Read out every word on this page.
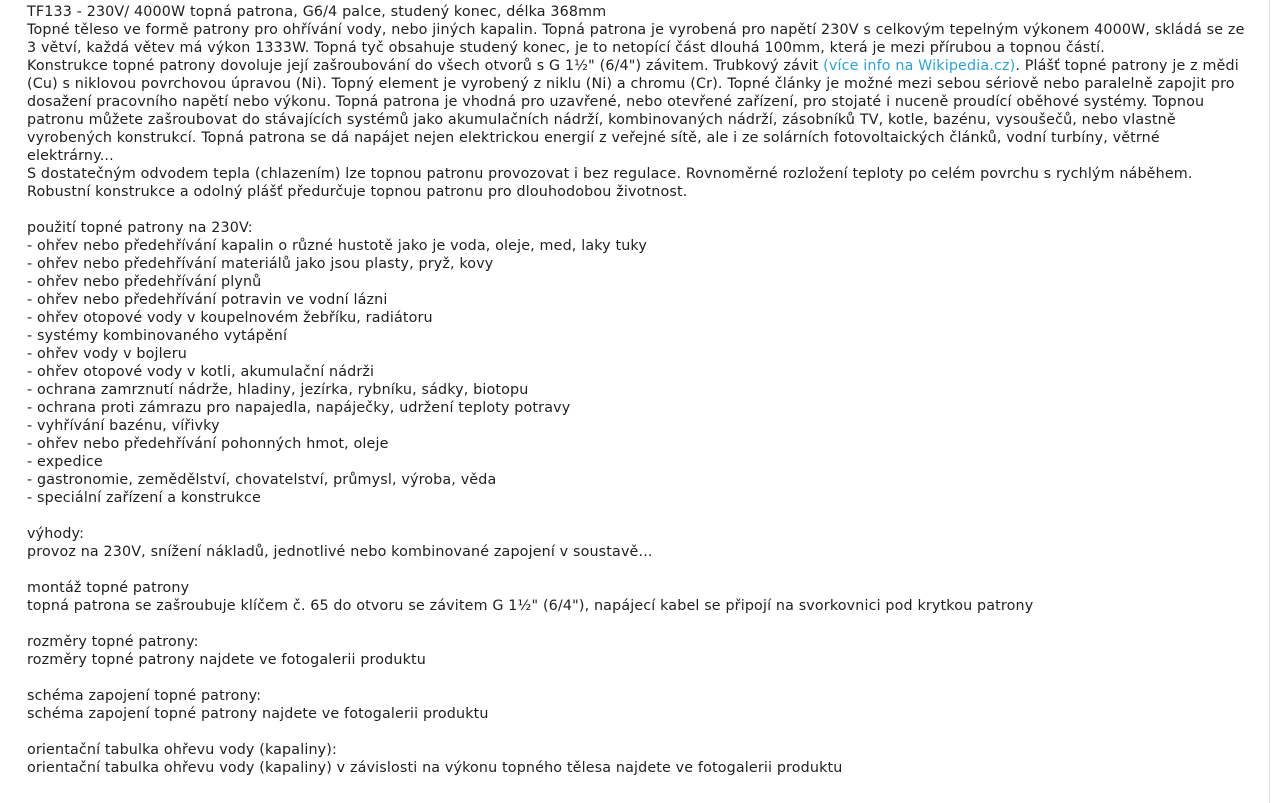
TF133 - 230V/ 4000W topná patrona, G6/4 palce, studený konec, délka 368mm
Topné těleso ve formě patrony pro ohřívání vody, nebo jiných kapalin. Topná patrona je vyrobená pro napětí 230V s celkovým tepelným výkonem 4000W, skládá se ze 3 větví, každá větev má výkon 1333W. Topná tyč obsahuje studený konec, je to netopící část dlouhá 100mm, která je mezi přírubou a topnou částí.
Konstrukce topné patrony dovoluje její zašroubování do všech otvorů s G 1½" (6/4") závitem. Trubkový závit (více info na Wikipedia.cz). Plášť topné patrony je z mědi (Cu) s niklovou povrchovou úpravou (Ni). Topný element je vyrobený z niklu (Ni) a chromu (Cr). Topné články je možné mezi sebou sériově nebo paralelně zapojit pro dosažení pracovního napětí nebo výkonu. Topná patrona je vhodná pro uzavřené, nebo otevřené zařízení, pro stojaté i nuceně proudící oběhové systémy. Topnou patronu můžete zašroubovat do stávajících systémů jako akumulačních nádrží, kombinovaných nádrží, zásobníků TV, kotle, bazénu, vysoušečů, nebo vlastně vyrobených konstrukcí. Topná patrona se dá napájet nejen elektrickou energií z veřejné sítě, ale i ze solárních fotovoltaických článků, vodní turbíny, větrné elektrárny...
S dostatečným odvodem tepla (chlazením) lze topnou patronu provozovat i bez regulace. Rovnoměrné rozložení teploty po celém povrchu s rychlým náběhem. Robustní konstrukce a odolný plášť předurčuje topnou patronu pro dlouhodobou životnost.
použití topné patrony na 230V:
- ohřev nebo předehřívání kapalin o různé hustotě jako je voda, oleje, med, laky tuky
- ohřev nebo předehřívání materiálů jako jsou plasty, pryž, kovy
- ohřev nebo předehřívání plynů
- ohřev nebo předehřívání potravin ve vodní lázni
- ohřev otopové vody v koupelnovém žebříku, radiátoru
- systémy kombinovaného vytápění
- ohřev vody v bojleru
- ohřev otopové vody v kotli, akumulační nádrži
- ochrana zamrznutí nádrže, hladiny, jezírka, rybníku, sádky, biotopu
- ochrana proti zámrazu pro napajedla, napáječky, udržení teploty potravy
- vyhřívání bazénu, vířivky
- ohřev nebo předehřívání pohonných hmot, oleje
- expedice
- gastronomie, zemědělství, chovatelství, průmysl, výroba, věda
- speciální zařízení a konstrukce
výhody:
provoz na 230V, snížení nákladů, jednotlivé nebo kombinované zapojení v soustavě...
montáž topné patrony
topná patrona se zašroubuje klíčem č. 65 do otvoru se závitem G 1½" (6/4"), napájecí kabel se připojí na svorkovnici pod krytkou patrony
rozměry topné patrony:
rozměry topné patrony najdete ve fotogalerii produktu
schéma zapojení topné patrony:
schéma zapojení topné patrony najdete ve fotogalerii produktu
orientační tabulka ohřevu vody (kapaliny):
orientační tabulka ohřevu vody (kapaliny) v závislosti na výkonu topného tělesa najdete ve fotogalerii produktu
